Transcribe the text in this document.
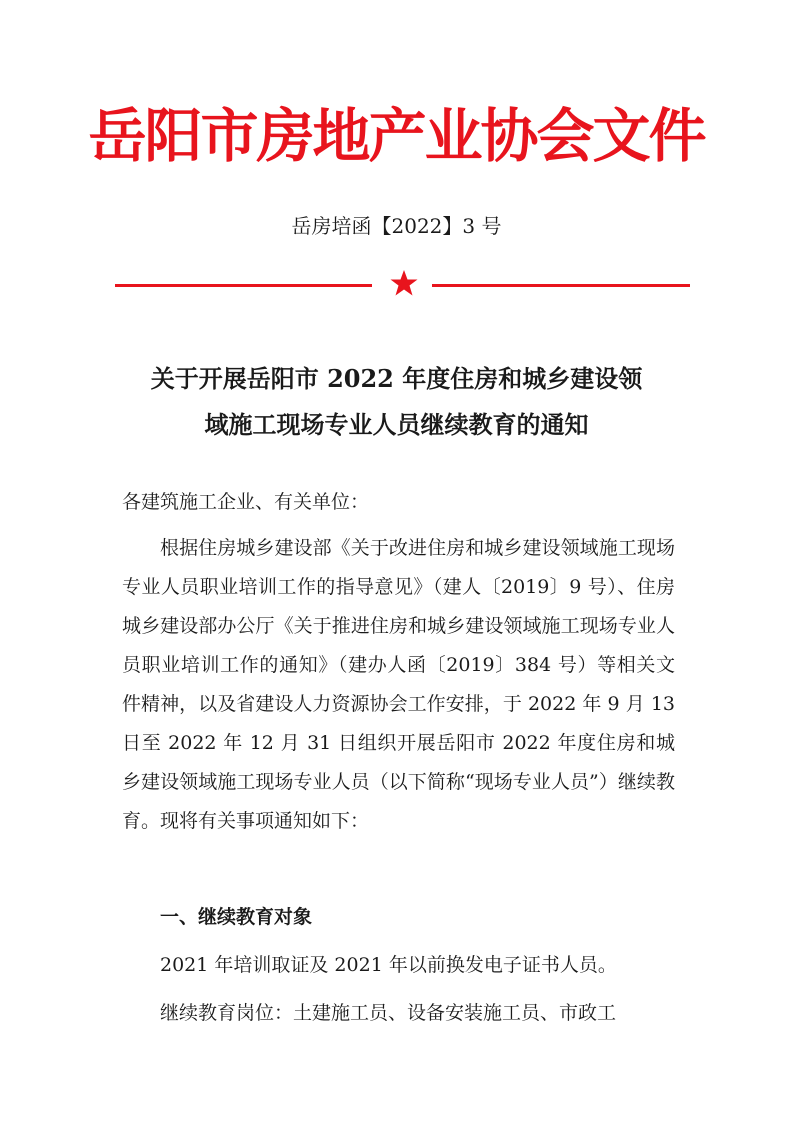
岳阳市房地产业协会文件
岳房培函【2022】3 号
关于开展岳阳市 2022 年度住房和城乡建设领
域施工现场专业人员继续教育的通知
各建筑施工企业、有关单位：
根据住房城乡建设部《关于改进住房和城乡建设领域施工现场专业人员职业培训工作的指导意见》（建人〔2019〕9 号）、住房城乡建设部办公厅《关于推进住房和城乡建设领域施工现场专业人员职业培训工作的通知》（建办人函〔2019〕384 号）等相关文件精神，以及省建设人力资源协会工作安排，于 2022 年 9 月 13 日至 2022 年 12 月 31 日组织开展岳阳市 2022 年度住房和城乡建设领域施工现场专业人员（以下简称“现场专业人员”）继续教育。现将有关事项通知如下：
一、继续教育对象
2021 年培训取证及 2021 年以前换发电子证书人员。
继续教育岗位：土建施工员、设备安装施工员、市政工
